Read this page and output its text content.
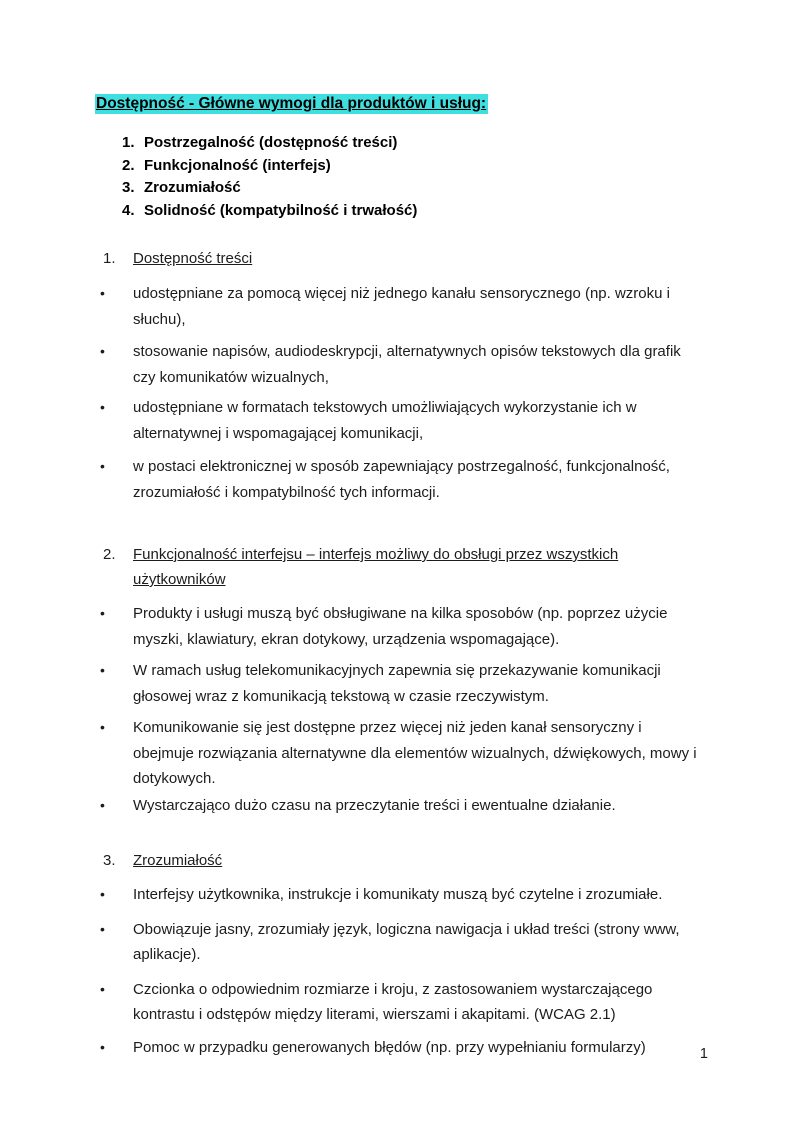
Dostępność - Główne wymogi dla produktów i usług:
1. Postrzegalność (dostępność treści)
2. Funkcjonalność (interfejs)
3. Zrozumiałość
4. Solidność (kompatybilność i trwałość)
1.	Dostępność treści
•	udostępniane za pomocą więcej niż jednego kanału sensorycznego (np. wzroku i słuchu),
•	stosowanie napisów, audiodeskrypcji, alternatywnych opisów tekstowych dla grafik czy komunikatów wizualnych,
•	udostępniane w formatach tekstowych umożliwiających wykorzystanie ich w alternatywnej i wspomagającej komunikacji,
•	w postaci elektronicznej w sposób zapewniający postrzegalność, funkcjonalność, zrozumiałość i kompatybilność tych informacji.
2.	Funkcjonalność interfejsu – interfejs możliwy do obsługi przez wszystkich użytkowników
•	Produkty i usługi muszą być obsługiwane na kilka sposobów (np. poprzez użycie myszki, klawiatury, ekran dotykowy, urządzenia wspomagające).
•	W ramach usług telekomunikacyjnych zapewnia się przekazywanie komunikacji głosowej wraz z komunikacją tekstową w czasie rzeczywistym.
•	Komunikowanie się jest dostępne przez więcej niż jeden kanał sensoryczny i obejmuje rozwiązania alternatywne dla elementów wizualnych, dźwiękowych, mowy i dotykowych.
•	Wystarczająco dużo czasu na przeczytanie treści i ewentualne działanie.
3.	Zrozumiałość
•	Interfejsy użytkownika, instrukcje i komunikaty muszą być czytelne i zrozumiałe.
•	Obowiązuje jasny, zrozumiały język, logiczna nawigacja i układ treści (strony www, aplikacje).
•	Czcionka o odpowiednim rozmiarze i kroju, z zastosowaniem wystarczającego kontrastu i odstępów między literami, wierszami i akapitami. (WCAG 2.1)
•	Pomoc w przypadku generowanych błędów (np. przy wypełnianiu formularzy)	1
